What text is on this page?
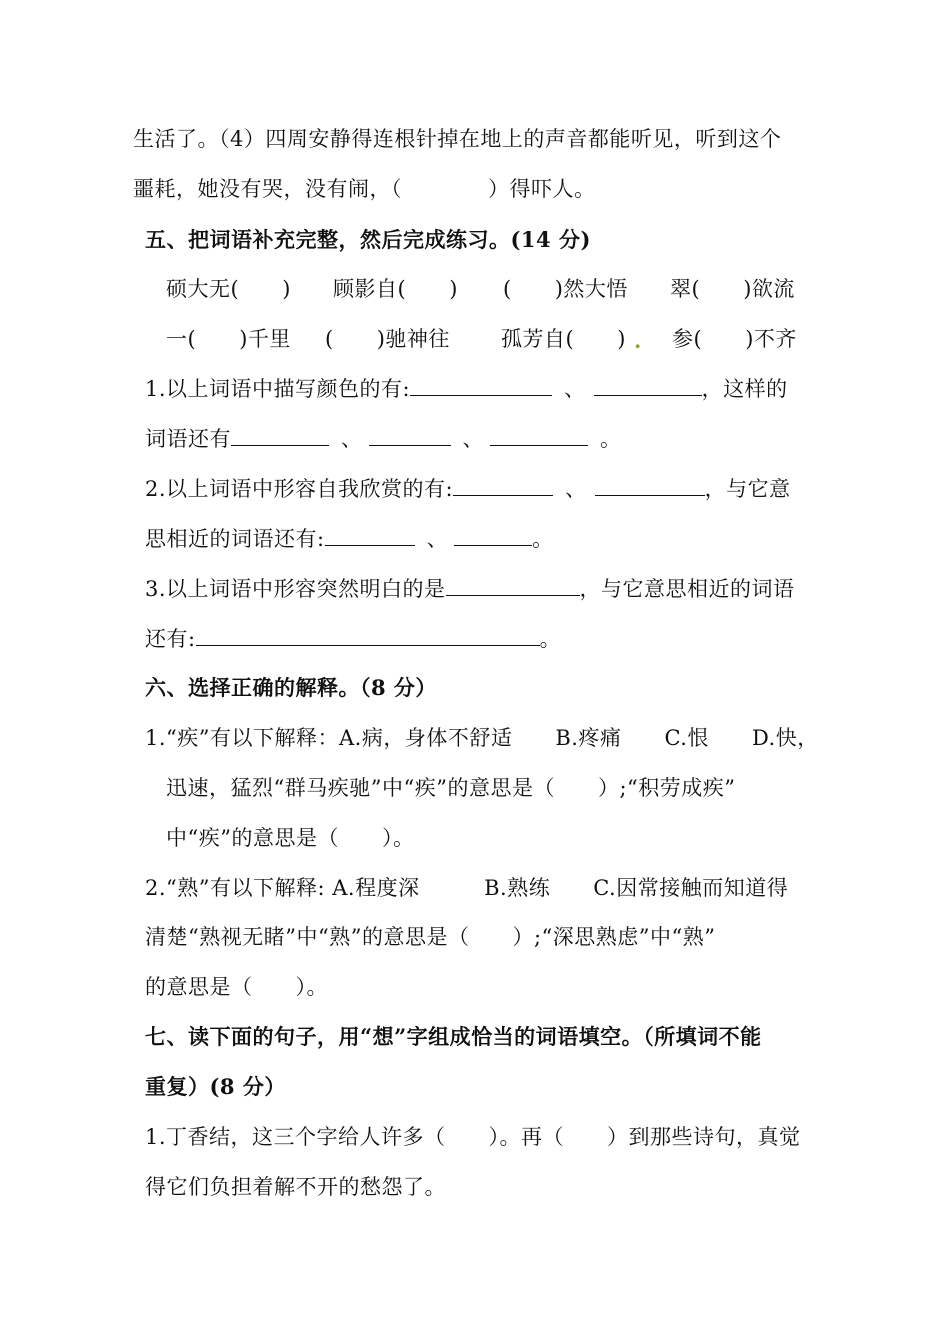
生活了。（4）四周安静得连根针掉在地上的声音都能听见，听到这个
噩耗，她没有哭，没有闹，（　　　　）得吓人。
五、把词语补充完整，然后完成练习。(14 分)
硕大无(　　) 顾影自(　　) (　　)然大悟 翠(　　)欲流
一(　　)千里 (　　)驰神往 孤芳自(　　) . 参(　　)不齐
1.以上词语中描写颜色的有:	、	，这样的
词语还有	、	、	。
2.以上词语中形容自我欣赏的有:	、	，与它意
思相近的词语还有:	、	。
3.以上词语中形容突然明白的是	，与它意思相近的词语
还有:	。
六、选择正确的解释。（8 分）
1.“疾”有以下解释：A.病，身体不舒适　　B.疼痛　　C.恨　　D.快，
迅速，猛烈“群马疾驰”中“疾”的意思是（　　）;“积劳成疾”
中“疾”的意思是（　　）。
2.“熟”有以下解释: A.程度深　　　B.熟练　　C.因常接触而知道得
清楚“熟视无睹”中“熟”的意思是（　　）;“深思熟虑”中“熟”
的意思是（　　）。
七、读下面的句子，用“想”字组成恰当的词语填空。（所填词不能
重复）(8 分）
1.丁香结，这三个字给人许多（　　）。再（　　）到那些诗句，真觉
得它们负担着解不开的愁怨了。
